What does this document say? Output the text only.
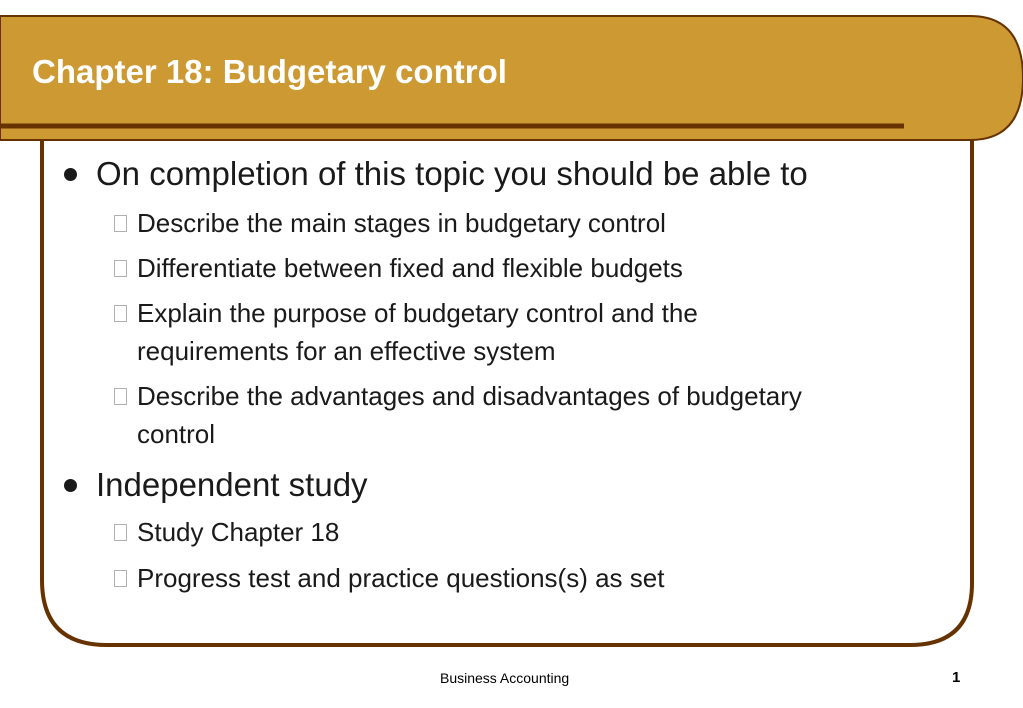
Chapter 18: Budgetary control
On completion of this topic you should be able to
Describe the main stages in budgetary control
Differentiate between fixed and flexible budgets
Explain the purpose of budgetary control and the
requirements for an effective system
Describe the advantages and disadvantages of budgetary
control
Independent study
Study Chapter 18
Progress test and practice questions(s) as set
Business Accounting	1
